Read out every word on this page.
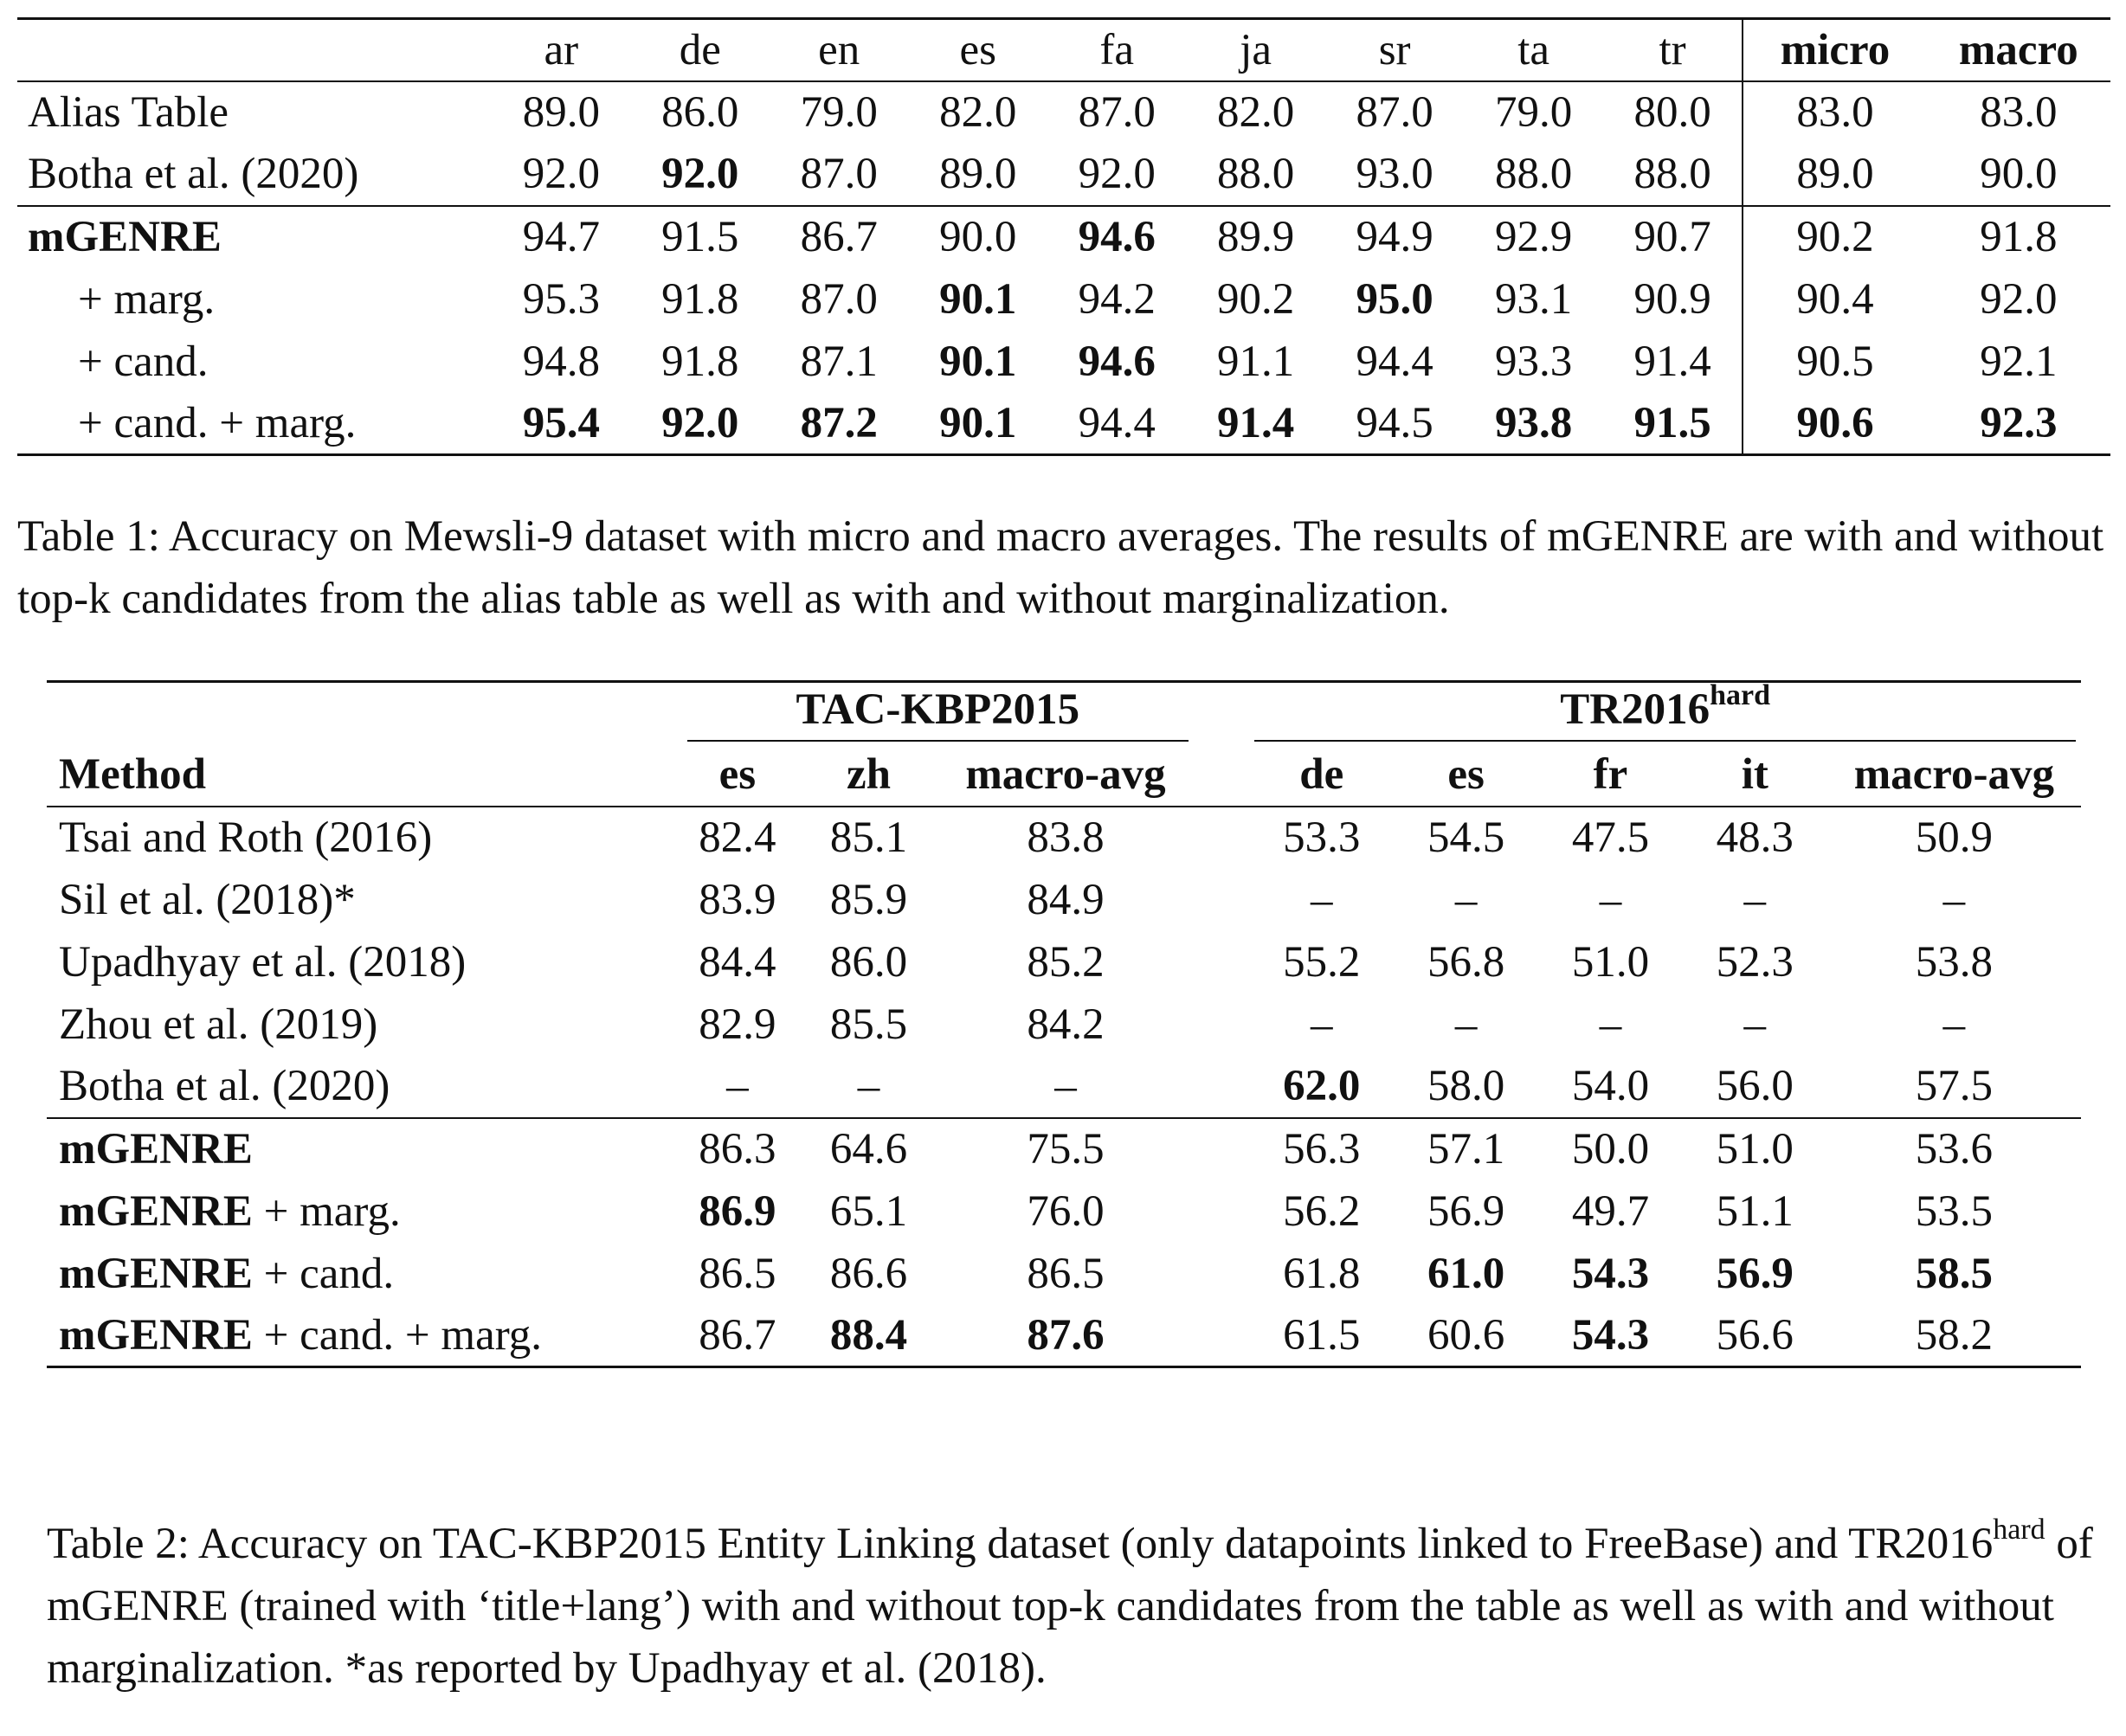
	ar	de	en	es	fa	ja	sr	ta	tr	micro	macro
Alias Table	89.0	86.0	79.0	82.0	87.0	82.0	87.0	79.0	80.0	83.0	83.0
Botha et al. (2020)	92.0	92.0	87.0	89.0	92.0	88.0	93.0	88.0	88.0	89.0	90.0
mGENRE	94.7	91.5	86.7	90.0	94.6	89.9	94.9	92.9	90.7	90.2	91.8
+ marg.	95.3	91.8	87.0	90.1	94.2	90.2	95.0	93.1	90.9	90.4	92.0
+ cand.	94.8	91.8	87.1	90.1	94.6	91.1	94.4	93.3	91.4	90.5	92.1
+ cand. + marg.	95.4	92.0	87.2	90.1	94.4	91.4	94.5	93.8	91.5	90.6	92.3

Table 1: Accuracy on Mewsli-9 dataset with micro and macro averages. The results of mGENRE are with and without top-k candidates from the alias table as well as with and without marginalization.

	TAC-KBP2015				$TR2016^{hard}$

Method	es	zh	macro-avg		de	es	fr	it	macro-avg
Tsai and Roth (2016)	82.4	85.1	83.8		53.3	54.5	47.5	48.3	50.9
Sil et al. (2018)*	83.9	85.9	84.9		–	–	–	–	–
Upadhyay et al. (2018)	84.4	86.0	85.2		55.2	56.8	51.0	52.3	53.8
Zhou et al. (2019)	82.9	85.5	84.2		–	–	–	–	–
Botha et al. (2020)	–	–	–		62.0	58.0	54.0	56.0	57.5
mGENRE	86.3	64.6	75.5		56.3	57.1	50.0	51.0	53.6
mGENRE + marg.	86.9	65.1	76.0		56.2	56.9	49.7	51.1	53.5
mGENRE + cand.	86.5	86.6	86.5		61.8	61.0	54.3	56.9	58.5
mGENRE + cand. + marg.	86.7	88.4	87.6		61.5	60.6	54.3	56.6	58.2

Table 2: Accuracy on TAC-KBP2015 Entity Linking dataset (only datapoints linked to FreeBase) and $TR2016^{hard}$ of mGENRE (trained with ‘title+lang’) with and without top-k candidates from the table as well as with and without marginalization. *as reported by Upadhyay et al. (2018).
